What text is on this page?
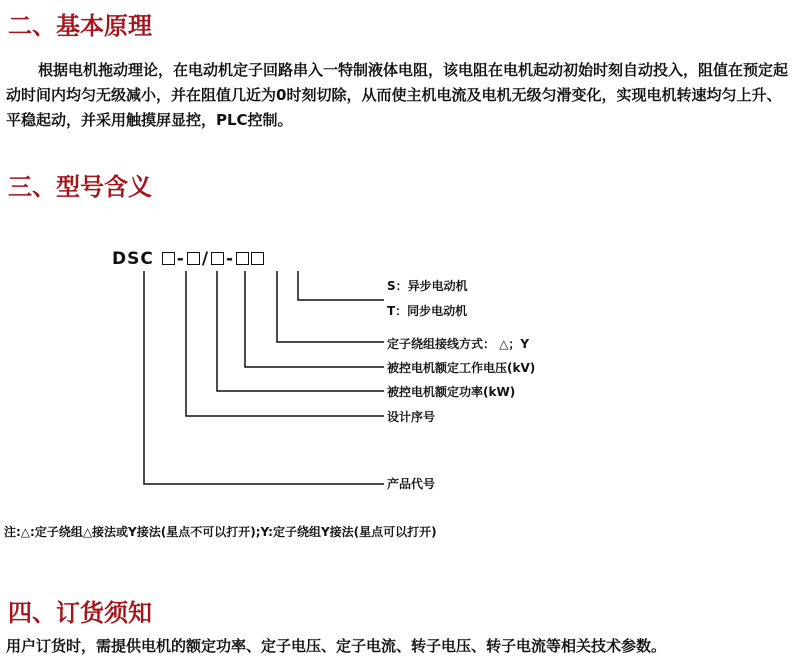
二、基本原理

根据电机拖动理论，在电动机定子回路串入一特制液体电阻，该电阻在电机起动初始时刻自动投入，阻值在预定起动时间内均匀无级减小，并在阻值几近为0时刻切除，从而使主机电流及电机无级匀滑变化，实现电机转速均匀上升、平稳起动，并采用触摸屏显控，PLC控制。

三、型号含义
DSC - / -
S：异步电动机
T：同步电动机
定子绕组接线方式： △；Y
被控电机额定工作电压(kV)
被控电机额定功率(kW)
设计序号
产品代号
注:△:定子绕组△接法或Y接法(星点不可以打开);Y:定子绕组Y接法(星点可以打开)
四、订货须知

用户订货时，需提供电机的额定功率、定子电压、定子电流、转子电压、转子电流等相关技术参数。
